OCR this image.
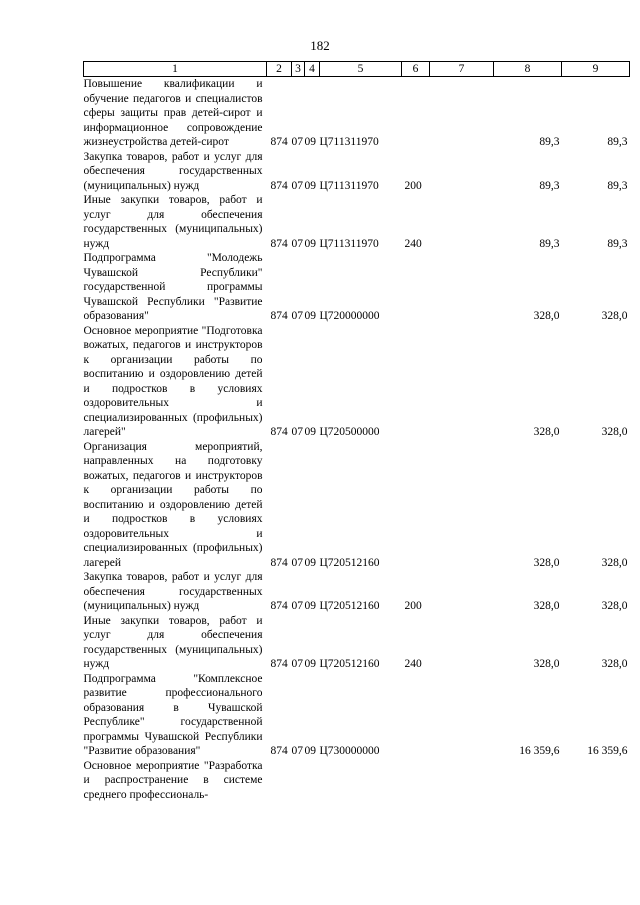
182
1	2	3	4	5	6	7	8	9
Повышение квалификации и обучение педагогов и специалистов сферы защиты прав детей-сирот и информационное сопровождение жизнеустройства детей-сирот	874	07	09	Ц711311970			89,3	89,3
Закупка товаров, работ и услуг для обеспечения государственных (муниципальных) нужд	874	07	09	Ц711311970	200		89,3	89,3
Иные закупки товаров, работ и услуг для обеспечения государственных (муниципальных) нужд	874	07	09	Ц711311970	240		89,3	89,3
Подпрограмма "Молодежь Чувашской Республики" государственной программы Чувашской Республики "Развитие образования"	874	07	09	Ц720000000			328,0	328,0
Основное мероприятие "Подготовка вожатых, педагогов и инструкторов к организации работы по воспитанию и оздоровлению детей и подростков в условиях оздоровительных и специализированных (профильных) лагерей"	874	07	09	Ц720500000			328,0	328,0
Организация мероприятий, направленных на подготовку вожатых, педагогов и инструкторов к организации работы по воспитанию и оздоровлению детей и подростков в условиях оздоровительных и специализированных (профильных) лагерей	874	07	09	Ц720512160			328,0	328,0
Закупка товаров, работ и услуг для обеспечения государственных (муниципальных) нужд	874	07	09	Ц720512160	200		328,0	328,0
Иные закупки товаров, работ и услуг для обеспечения государственных (муниципальных) нужд	874	07	09	Ц720512160	240		328,0	328,0
Подпрограмма "Комплексное развитие профессионального образования в Чувашской Республике" государственной программы Чувашской Республики "Развитие образования"	874	07	09	Ц730000000			16 359,6	16 359,6
Основное мероприятие "Разработка и распространение в системе среднего профессиональ-								
